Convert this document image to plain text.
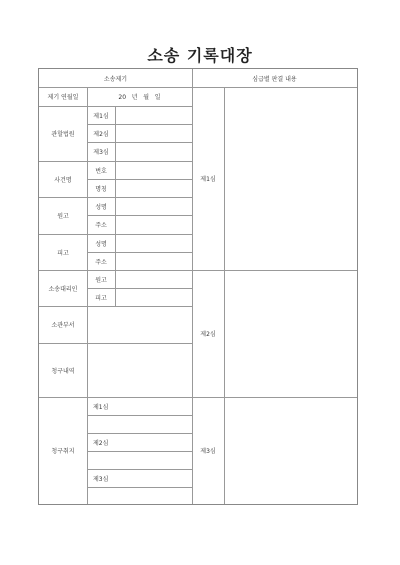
소송 기록대장
소송제기	심급별 판결 내용
제기 연월일	20   년   월   일
관할법원
제1심
제2심
제3심
사건명
번호
명칭
원고
성명
주소
피고
성명
주소
소송대리인
원고
피고
소관부서
청구내역
청구취지
제1심
제2심
제3심
제1심
제2심
제3심
